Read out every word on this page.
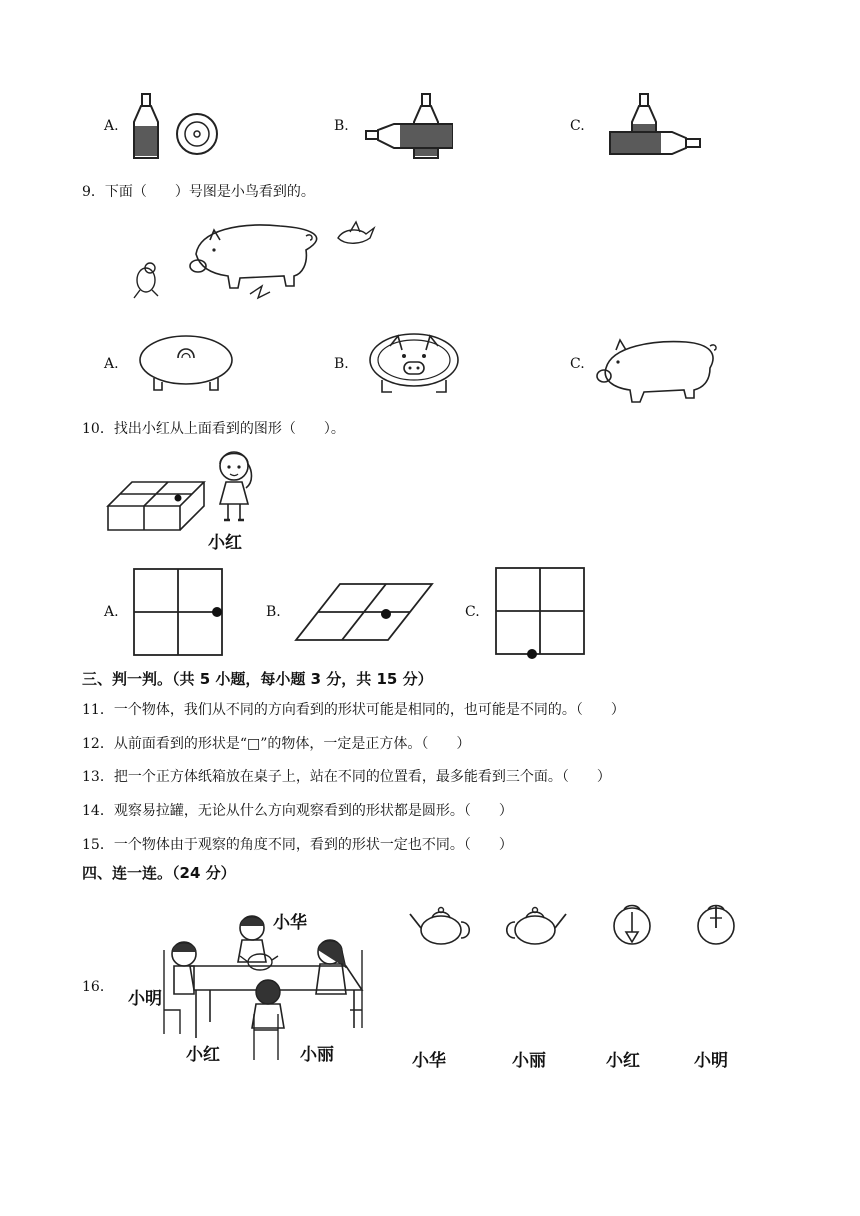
A.	B.	C.
9．下面（　　）号图是小鸟看到的。
A.	B.	C.
10．找出小红从上面看到的图形（　　）。
小红
A.	B.	C.
三、判一判。（共 5 小题，每小题 3 分，共 15 分）
11．一个物体，我们从不同的方向看到的形状可能是相同的，也可能是不同的。（　　）
12．从前面看到的形状是“□”的物体，一定是正方体。（　　）
13．把一个正方体纸箱放在桌子上，站在不同的位置看，最多能看到三个面。（　　）
14．观察易拉罐，无论从什么方向观察看到的形状都是圆形。（　　）
15．一个物体由于观察的角度不同，看到的形状一定也不同。（　　）
四、连一连。（24 分）
16．
小华
小明
小红	小丽	小华	小丽	小红	小明
